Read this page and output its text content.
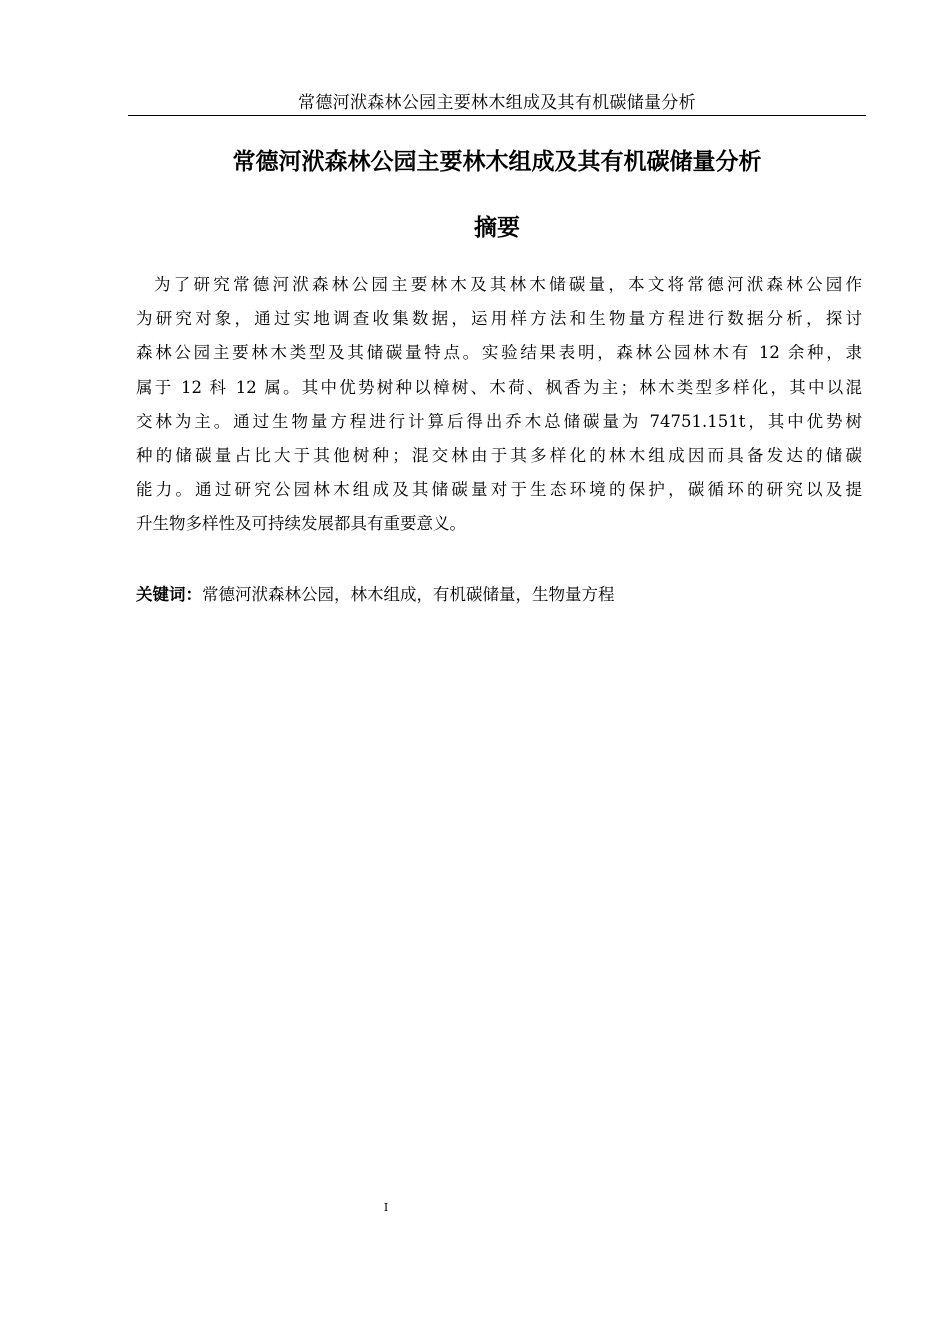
常德河洑森林公园主要林木组成及其有机碳储量分析
常德河洑森林公园主要林木组成及其有机碳储量分析
摘要
为了研究常德河洑森林公园主要林木及其林木储碳量，本文将常德河洑森林公园作
为研究对象，通过实地调查收集数据，运用样方法和生物量方程进行数据分析，探讨
森林公园主要林木类型及其储碳量特点。实验结果表明，森林公园林木有 12 余种，隶
属于 12 科 12 属。其中优势树种以樟树、木荷、枫香为主；林木类型多样化，其中以混
交林为主。通过生物量方程进行计算后得出乔木总储碳量为 74751.151t，其中优势树
种的储碳量占比大于其他树种；混交林由于其多样化的林木组成因而具备发达的储碳
能力。通过研究公园林木组成及其储碳量对于生态环境的保护，碳循环的研究以及提
升生物多样性及可持续发展都具有重要意义。
关键词：常德河洑森林公园，林木组成，有机碳储量，生物量方程
I
